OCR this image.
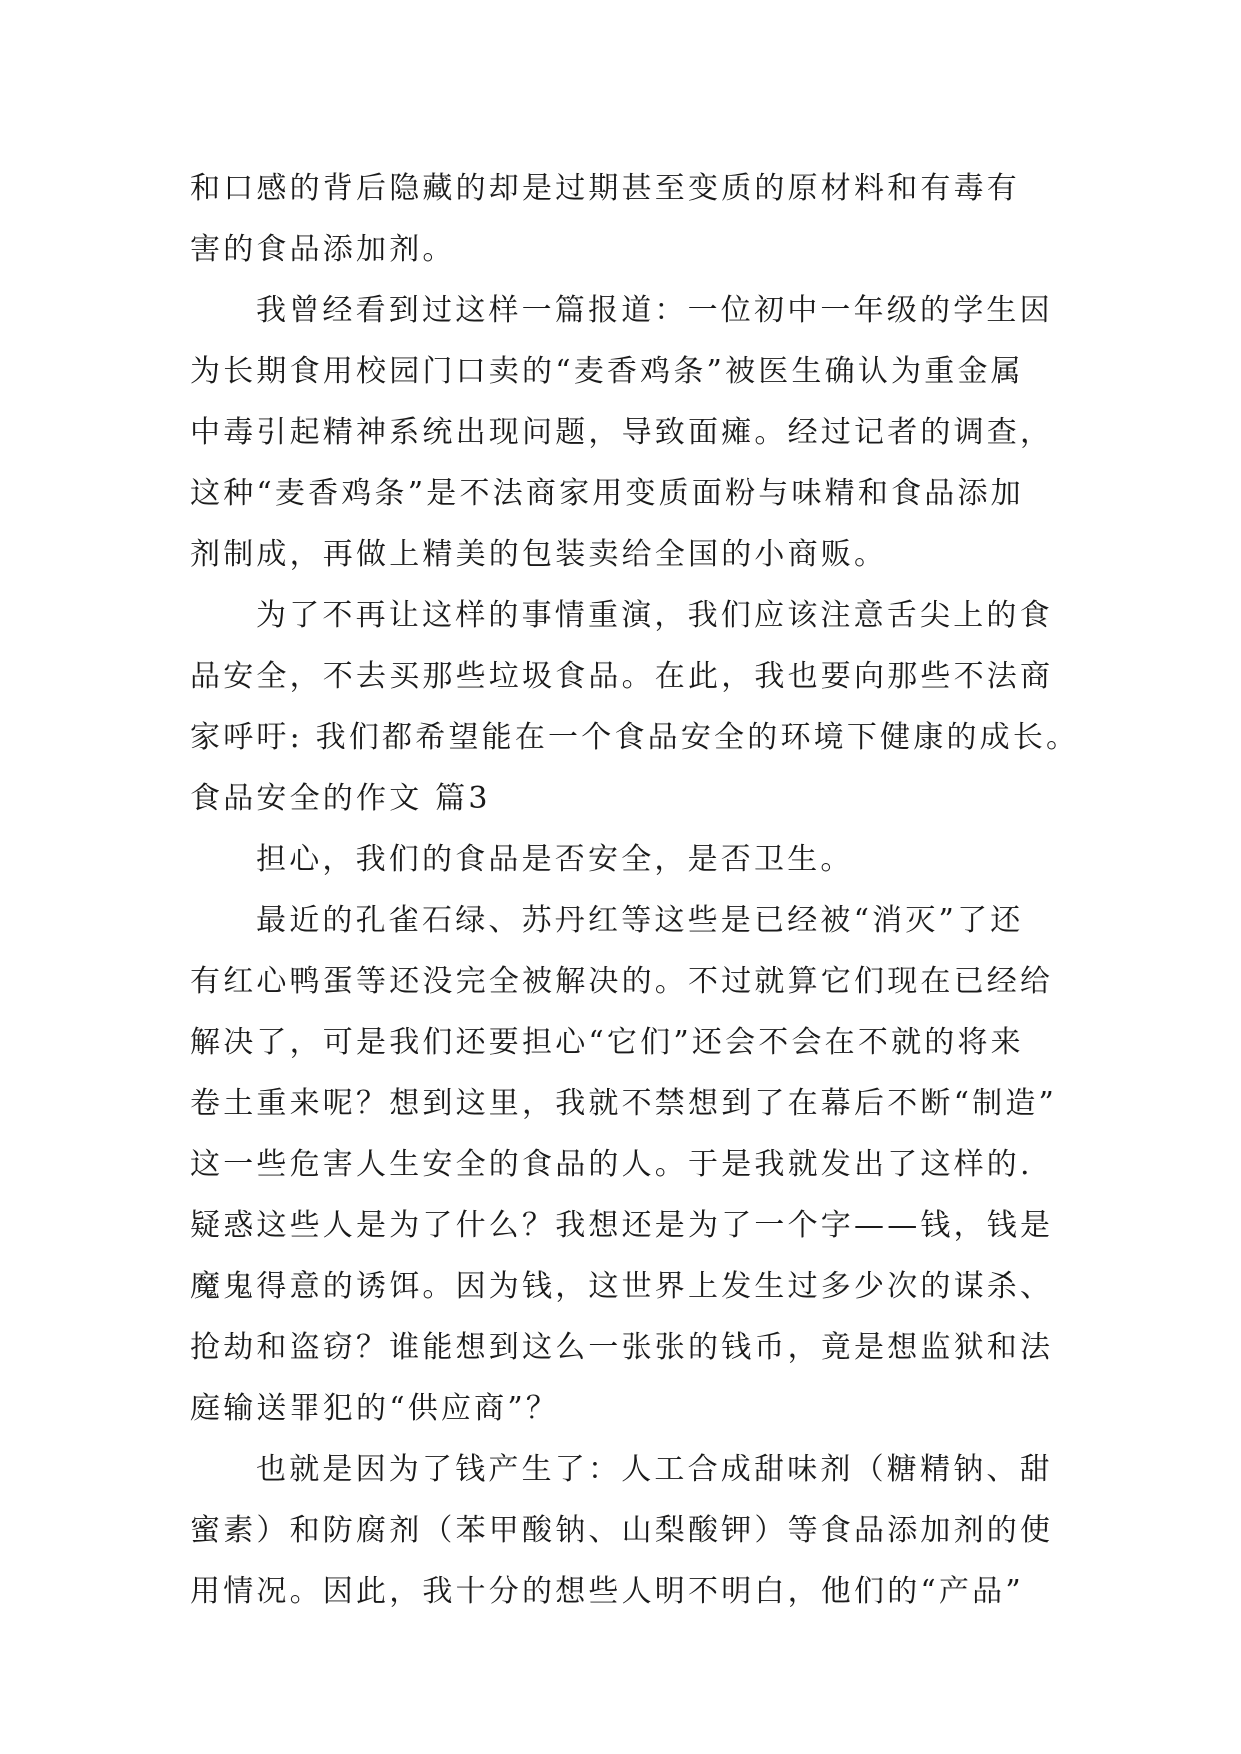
和口感的背后隐藏的却是过期甚至变质的原材料和有毒有
害的食品添加剂。
我曾经看到过这样一篇报道：一位初中一年级的学生因
为长期食用校园门口卖的“麦香鸡条”被医生确认为重金属
中毒引起精神系统出现问题，导致面瘫。经过记者的调查，
这种“麦香鸡条”是不法商家用变质面粉与味精和食品添加
剂制成，再做上精美的包装卖给全国的小商贩。
为了不再让这样的事情重演，我们应该注意舌尖上的食
品安全，不去买那些垃圾食品。在此，我也要向那些不法商
家呼吁: 我们都希望能在一个食品安全的环境下健康的成长。
食品安全的作文 篇3
担心，我们的食品是否安全，是否卫生。
最近的孔雀石绿、苏丹红等这些是已经被“消灭”了还
有红心鸭蛋等还没完全被解决的。不过就算它们现在已经给
解决了，可是我们还要担心“它们”还会不会在不就的将来
卷土重来呢？想到这里，我就不禁想到了在幕后不断“制造”
这一些危害人生安全的食品的人。于是我就发出了这样的.
疑惑这些人是为了什么？我想还是为了一个字——钱，钱是
魔鬼得意的诱饵。因为钱，这世界上发生过多少次的谋杀、
抢劫和盗窃？谁能想到这么一张张的钱币，竟是想监狱和法
庭输送罪犯的“供应商”？
也就是因为了钱产生了：人工合成甜味剂（糖精钠、甜
蜜素）和防腐剂（苯甲酸钠、山梨酸钾）等食品添加剂的使
用情况。因此，我十分的想些人明不明白，他们的“产品”
